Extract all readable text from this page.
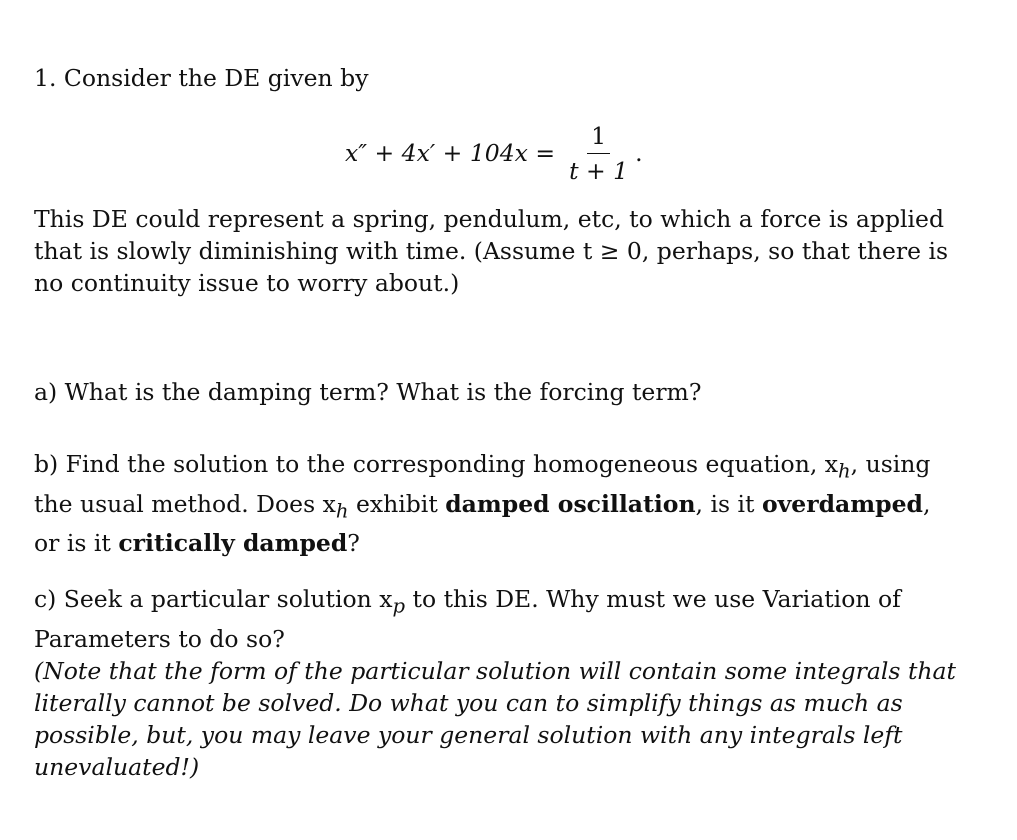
1. Consider the DE given by

$x'' + 4x' + 104x = \frac{1}{t + 1}$ .
This DE could represent a spring, pendulum, etc, to which a force is applied
that is slowly diminishing with time. (Assume t ≥ 0, perhaps, so that there is
no continuity issue to worry about.)

a) What is the damping term? What is the forcing term?

b) Find the solution to the corresponding homogeneous equation, $x_h$, using
the usual method. Does $x_h$ exhibit damped oscillation, is it overdamped,
or is it critically damped?
c) Seek a particular solution $x_p$ to this DE. Why must we use Variation of
Parameters to do so?
(Note that the form of the particular solution will contain some integrals that
literally cannot be solved. Do what you can to simplify things as much as
possible, but, you may leave your general solution with any integrals left
unevaluated!)
